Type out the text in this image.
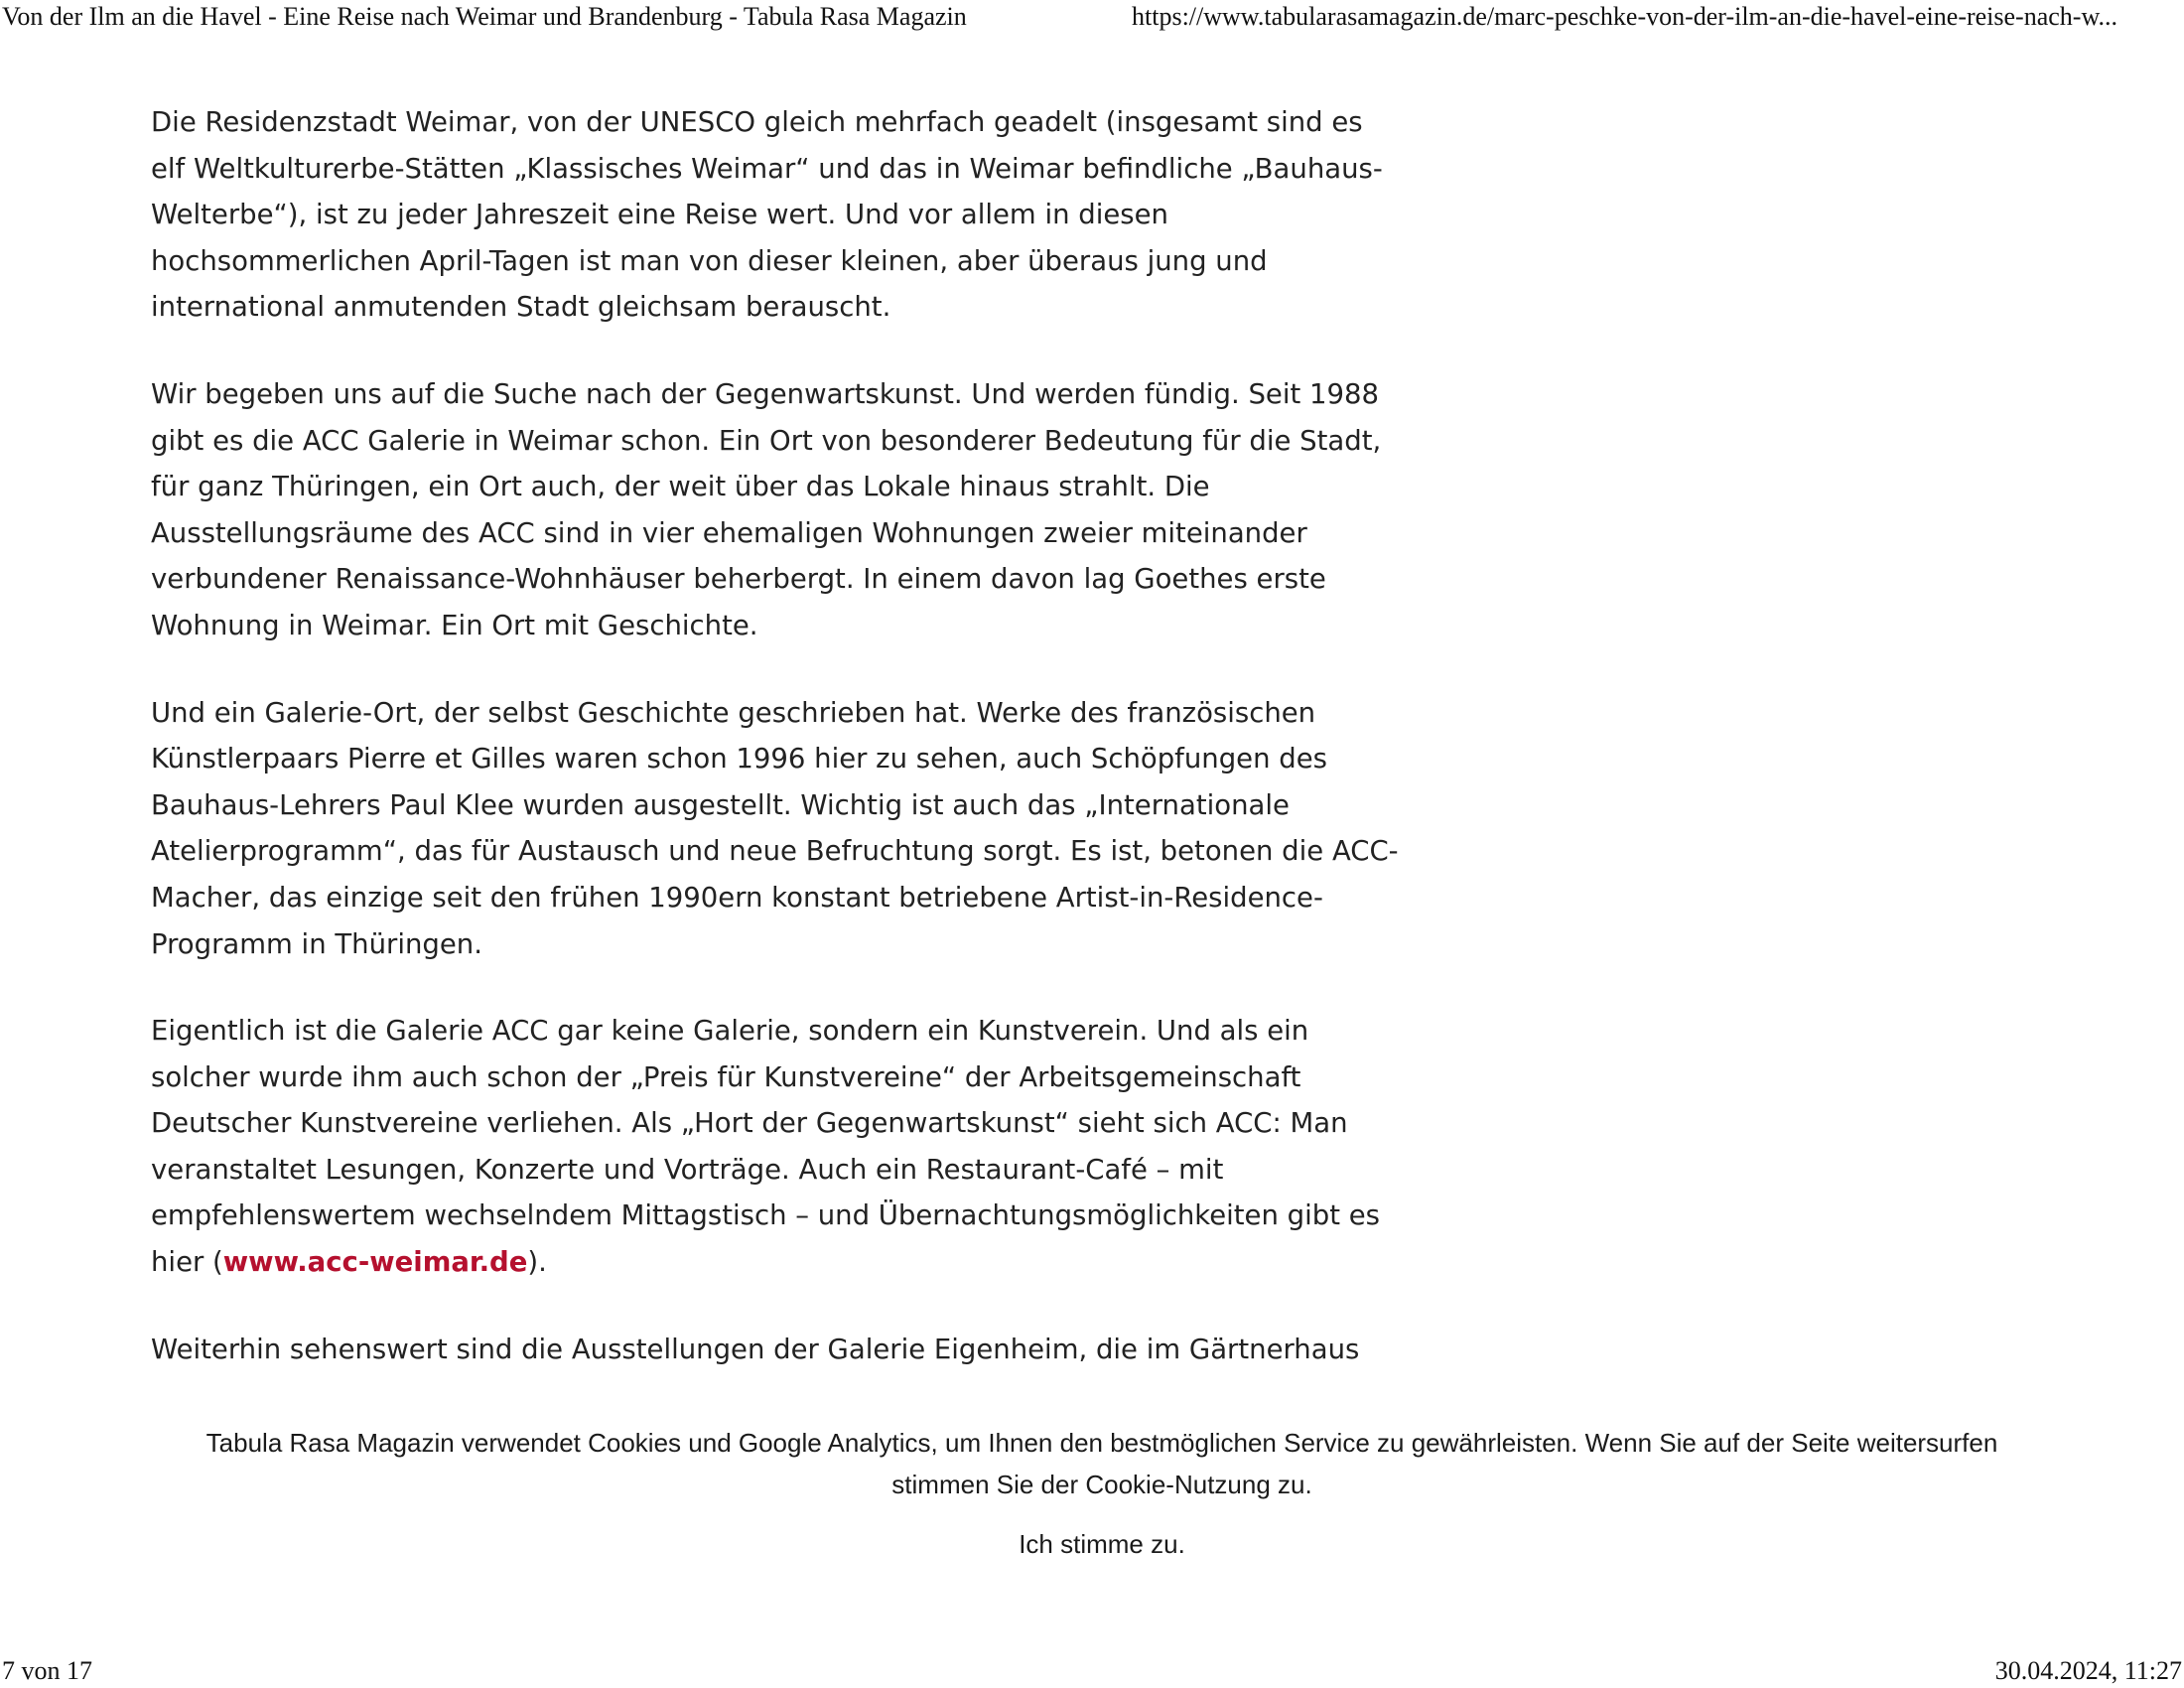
Von der Ilm an die Havel - Eine Reise nach Weimar und Brandenburg - Tabula Rasa Magazin	https://www.tabularasamagazin.de/marc-peschke-von-der-ilm-an-die-havel-eine-reise-nach-w...

Die Residenzstadt Weimar, von der UNESCO gleich mehrfach geadelt (insgesamt sind es elf Weltkulturerbe-Stätten „Klassisches Weimar“ und das in Weimar befindliche „Bauhaus-Welterbe“), ist zu jeder Jahreszeit eine Reise wert. Und vor allem in diesen hochsommerlichen April-Tagen ist man von dieser kleinen, aber überaus jung und international anmutenden Stadt gleichsam berauscht.

Wir begeben uns auf die Suche nach der Gegenwartskunst. Und werden fündig. Seit 1988 gibt es die ACC Galerie in Weimar schon. Ein Ort von besonderer Bedeutung für die Stadt, für ganz Thüringen, ein Ort auch, der weit über das Lokale hinaus strahlt. Die Ausstellungsräume des ACC sind in vier ehemaligen Wohnungen zweier miteinander verbundener Renaissance-Wohnhäuser beherbergt. In einem davon lag Goethes erste Wohnung in Weimar. Ein Ort mit Geschichte.

Und ein Galerie-Ort, der selbst Geschichte geschrieben hat. Werke des französischen Künstlerpaars Pierre et Gilles waren schon 1996 hier zu sehen, auch Schöpfungen des Bauhaus-Lehrers Paul Klee wurden ausgestellt. Wichtig ist auch das „Internationale Atelierprogramm“, das für Austausch und neue Befruchtung sorgt. Es ist, betonen die ACC-Macher, das einzige seit den frühen 1990ern konstant betriebene Artist-in-Residence-Programm in Thüringen.

Eigentlich ist die Galerie ACC gar keine Galerie, sondern ein Kunstverein. Und als ein solcher wurde ihm auch schon der „Preis für Kunstvereine“ der Arbeitsgemeinschaft Deutscher Kunstvereine verliehen. Als „Hort der Gegenwartskunst“ sieht sich ACC: Man veranstaltet Lesungen, Konzerte und Vorträge. Auch ein Restaurant-Café – mit empfehlenswertem wechselndem Mittagstisch – und Übernachtungsmöglichkeiten gibt es hier (www.acc-weimar.de).

Weiterhin sehenswert sind die Ausstellungen der Galerie Eigenheim, die im Gärtnerhaus

Tabula Rasa Magazin verwendet Cookies und Google Analytics, um Ihnen den bestmöglichen Service zu gewährleisten. Wenn Sie auf der Seite weitersurfen stimmen Sie der Cookie-Nutzung zu.
Ich stimme zu.
7 von 17	30.04.2024, 11:27
